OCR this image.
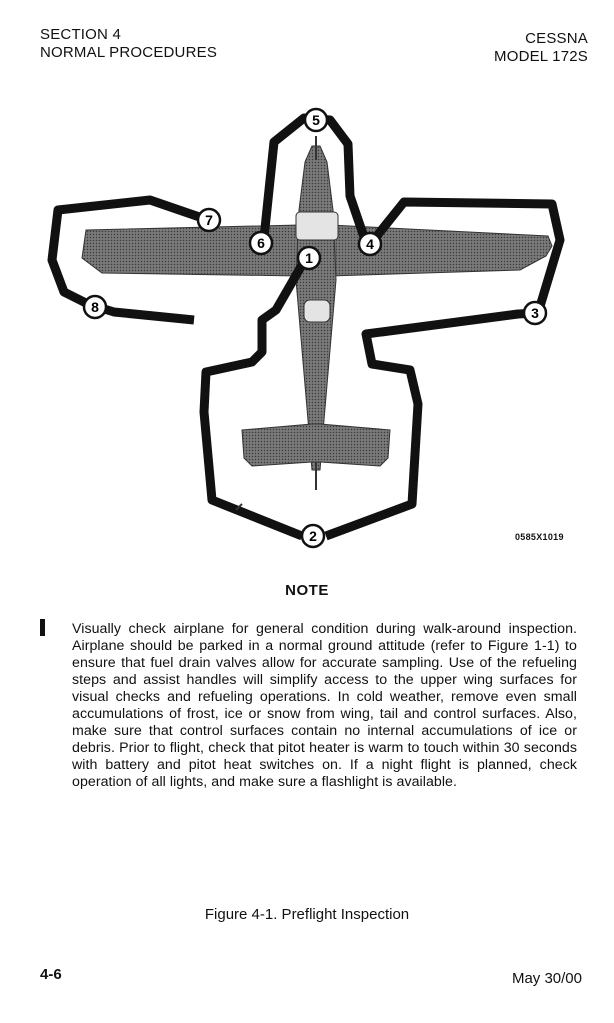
SECTION 4
NORMAL PROCEDURES
CESSNA
MODEL 172S
1
2
3
4
5
6
7
8
0585X1019
NOTE
Visually check airplane for general condition during walk-around inspection. Airplane should be parked in a normal ground attitude (refer to Figure 1-1) to ensure that fuel drain valves allow for accurate sampling. Use of the refueling steps and assist handles will simplify access to the upper wing surfaces for visual checks and refueling operations. In cold weather, remove even small accumulations of frost, ice or snow from wing, tail and control surfaces. Also, make sure that control surfaces contain no internal accumulations of ice or debris. Prior to flight, check that pitot heater is warm to touch within 30 seconds with battery and pitot heat switches on. If a night flight is planned, check operation of all lights, and make sure a flashlight is available.
Figure 4-1. Preflight Inspection
4-6	May 30/00
